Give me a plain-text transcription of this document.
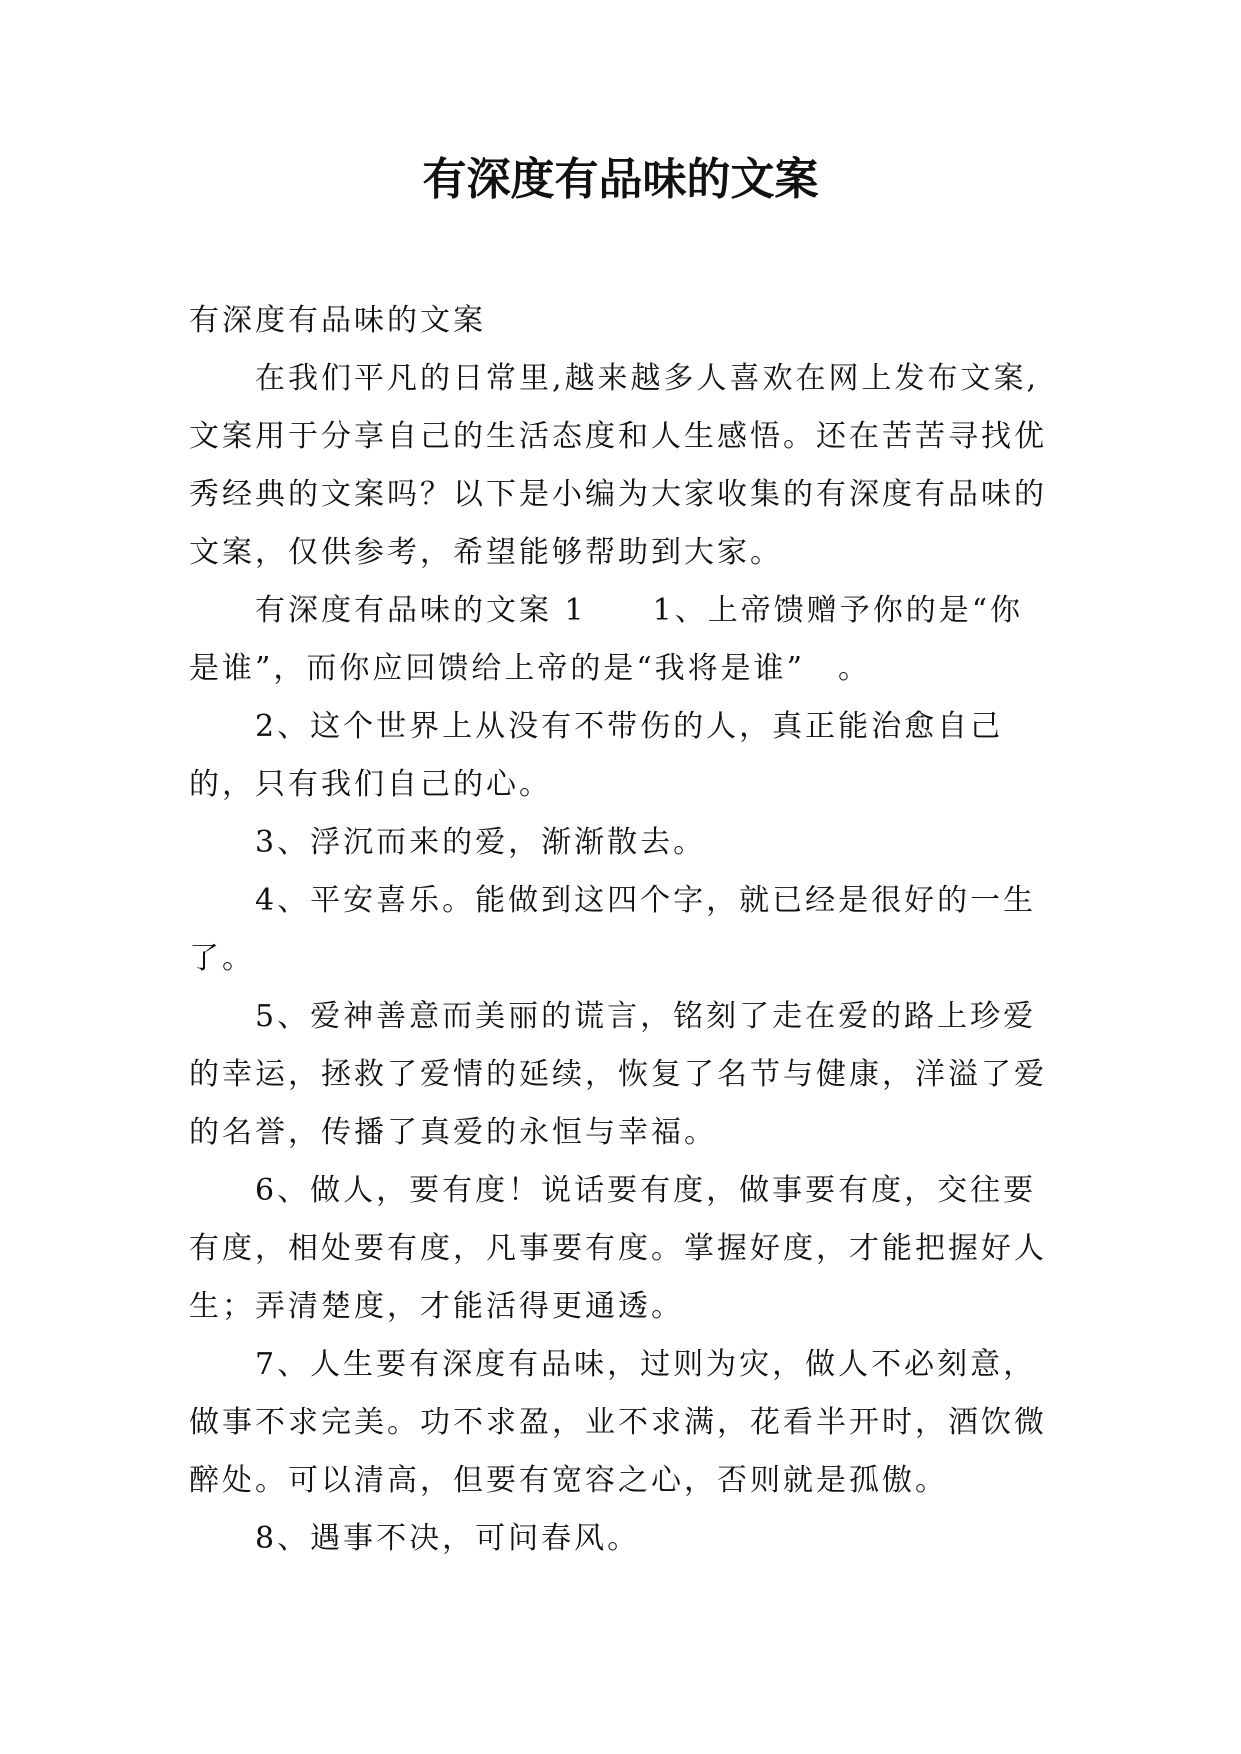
有深度有品味的文案

有深度有品味的文案

在我们平凡的日常里,越来越多人喜欢在网上发布文案,文案用于分享自己的生活态度和人生感悟。还在苦苦寻找优秀经典的文案吗？以下是小编为大家收集的有深度有品味的文案，仅供参考，希望能够帮助到大家。

有深度有品味的文案 1　　1、上帝馈赠予你的是“你是谁”，而你应回馈给上帝的是“我将是谁”　。

2、这个世界上从没有不带伤的人，真正能治愈自己的，只有我们自己的心。

3、浮沉而来的爱，渐渐散去。

4、平安喜乐。能做到这四个字，就已经是很好的一生了。

5、爱神善意而美丽的谎言，铭刻了走在爱的路上珍爱的幸运，拯救了爱情的延续，恢复了名节与健康，洋溢了爱的名誉，传播了真爱的永恒与幸福。

6、做人，要有度！说话要有度，做事要有度，交往要有度，相处要有度，凡事要有度。掌握好度，才能把握好人生；弄清楚度，才能活得更通透。

7、人生要有深度有品味，过则为灾，做人不必刻意，做事不求完美。功不求盈，业不求满，花看半开时，酒饮微醉处。可以清高，但要有宽容之心，否则就是孤傲。

8、遇事不决，可问春风。
